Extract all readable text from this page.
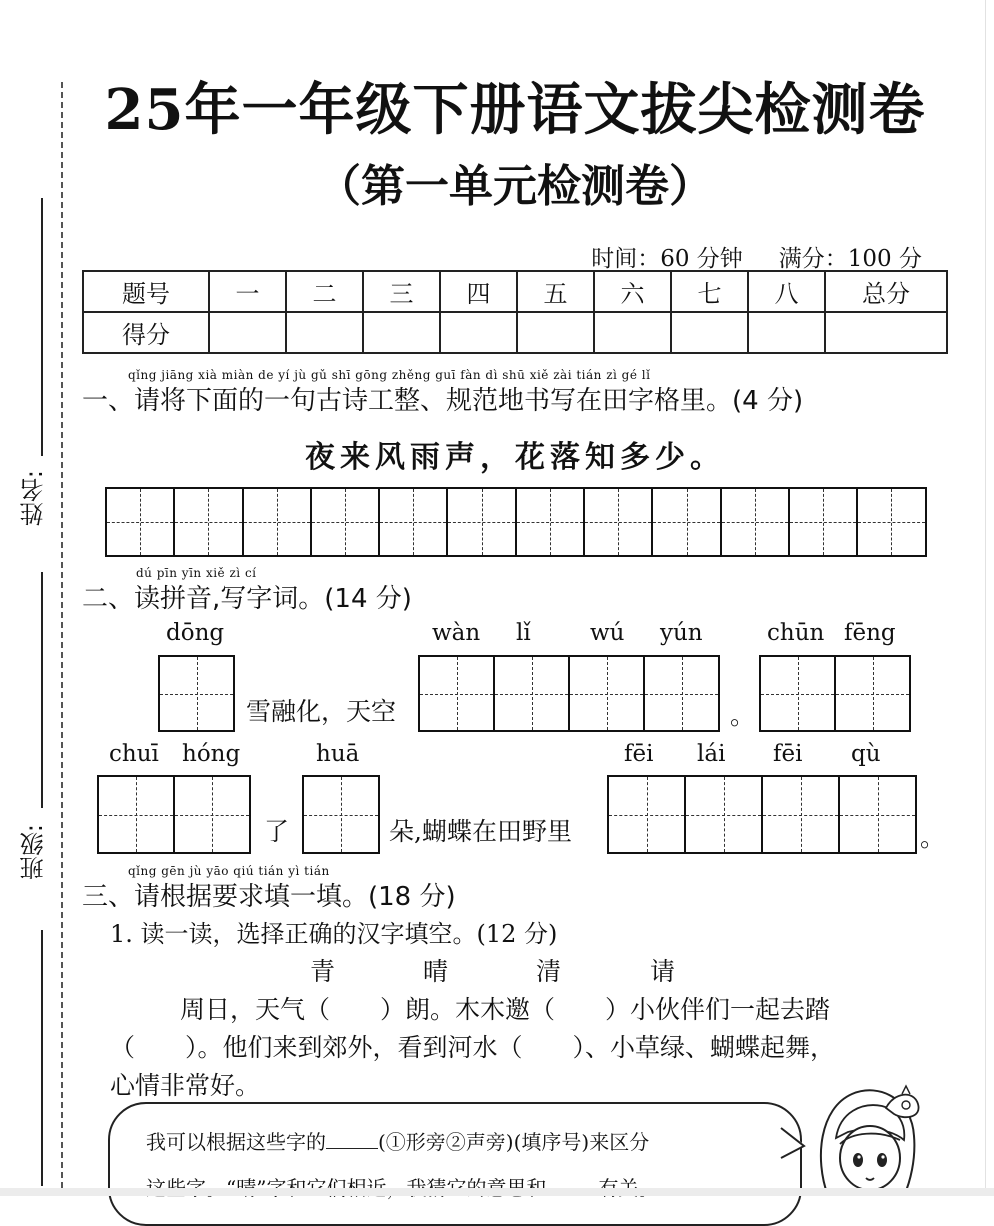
姓名:
班级:
25年一年级下册语文拔尖检测卷
（第一单元检测卷）
时间：60 分钟 满分：100 分
题号	一	二	三	四	五	六	七	八	总分
得分									
qǐng jiāng xià miàn de yí jù gǔ shī gōng zhěng guī fàn dì shū xiě zài tián zì gé lǐ
一、请将下面的一句古诗工整、规范地书写在田字格里。(4 分)
夜来风雨声，花落知多少。
dú pīn yīn xiě zì cí
二、读拼音,写字词。(14 分)
dōng
雪融化，天空
wàn lǐ	wú yún
。
chūn fēng
chuī hóng
了
huā
朵,蝴蝶在田野里
fēi lái fēi qù
。
qǐng gēn jù yāo qiú tián yì tián
三、请根据要求填一填。(18 分)
1. 读一读，选择正确的汉字填空。(12 分)
青	晴	清	请
周日，天气（　　）朗。木木邀（　　）小伙伴们一起去踏
（　　）。他们来到郊外，看到河水（　　）、小草绿、蝴蝶起舞，
心情非常好。
我可以根据这些字的	(①形旁②声旁)(填序号)来区分
